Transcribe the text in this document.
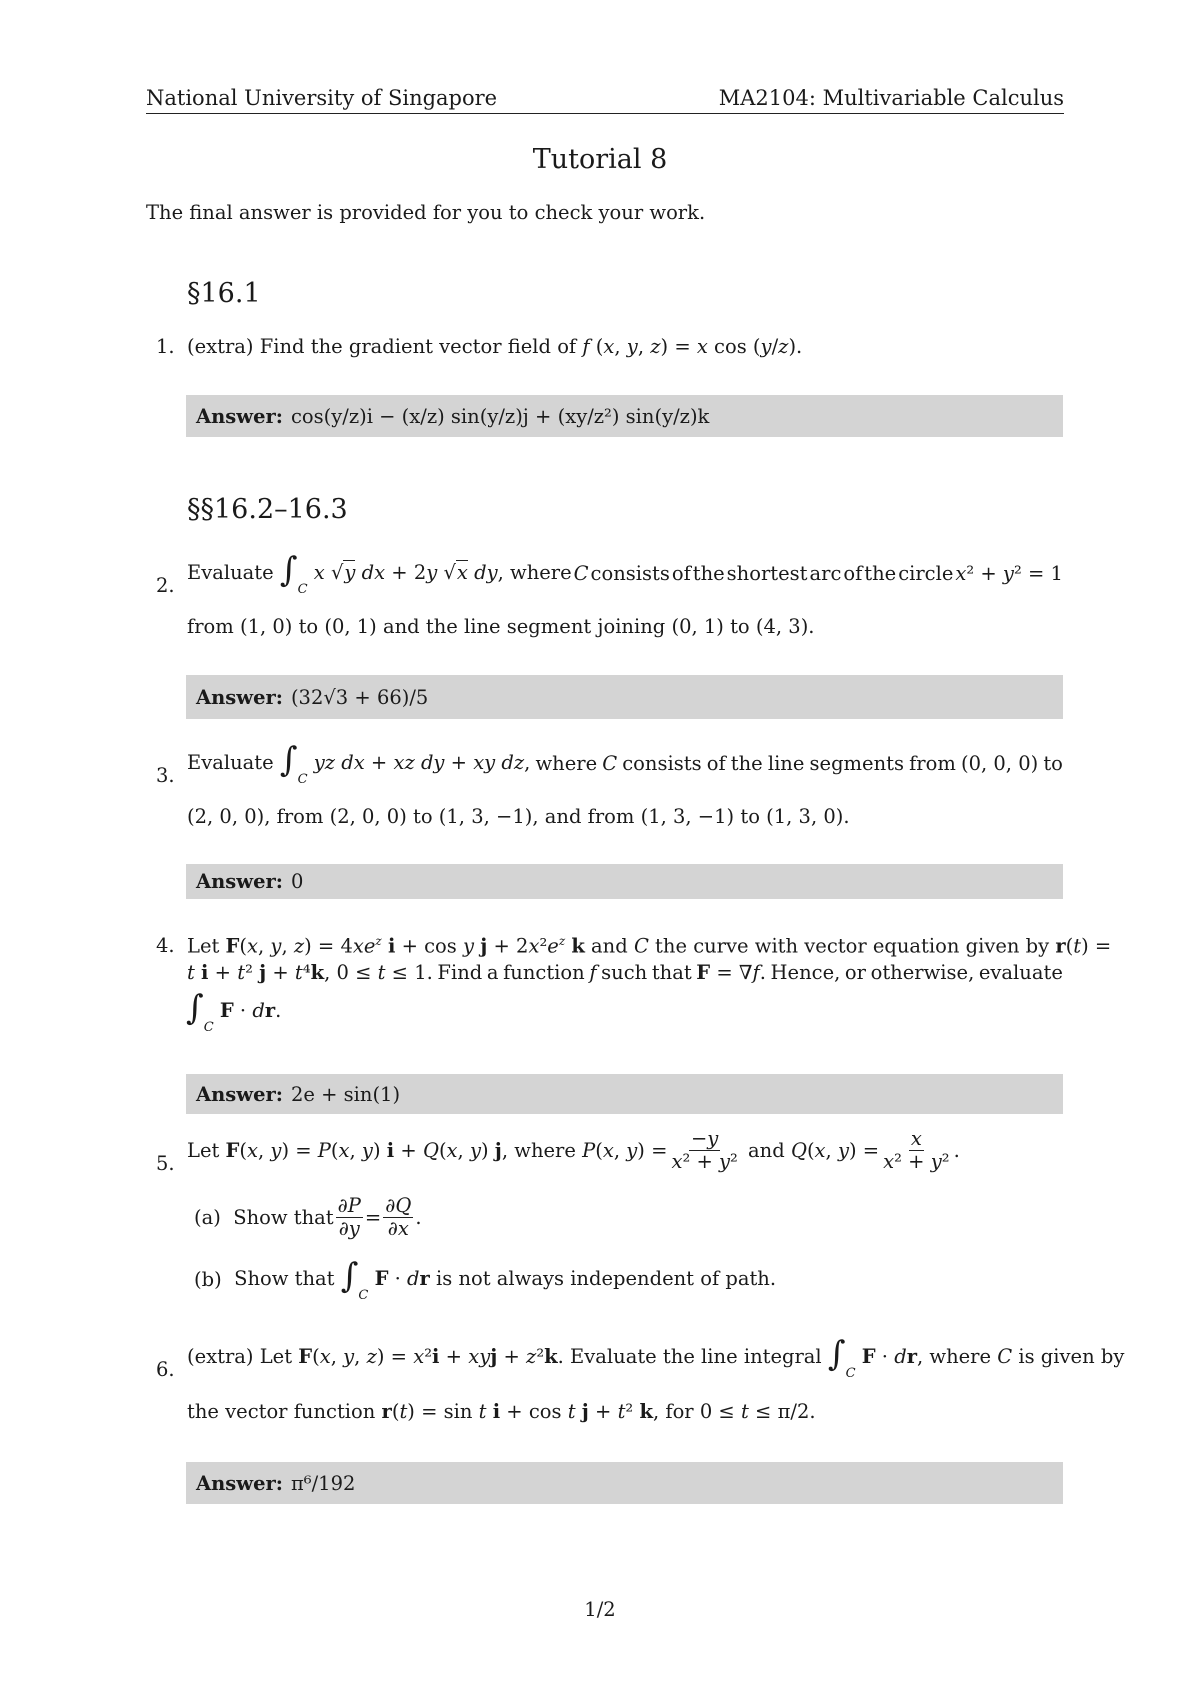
National University of Singapore	MA2104: Multivariable Calculus
Tutorial 8
The final answer is provided for you to check your work.
§16.1
1. (extra) Find the gradient vector field of f (x, y, z) = x cos (y/z).
Answer: cos(y/z)i − (x/z) sin(y/z)j + (xy/z²) sin(y/z)k
§§16.2–16.3
2.
Evaluate $\int_C$ x √y dx + 2y √x dy, where C consists of the shortest arc of the circle x² + y² = 1
from (1, 0) to (0, 1) and the line segment joining (0, 1) to (4, 3).
Answer: (32√3 + 66)/5
3.
Evaluate $\int_C$ yz dx + xz dy + xy dz, where C consists of the line segments from (0, 0, 0) to
(2, 0, 0), from (2, 0, 0) to (1, 3, −1), and from (1, 3, −1) to (1, 3, 0).
Answer: 0
4. Let F(x, y, $z) = 4xe^z$ i + cos y $j + 2x^2e^z$ k and C the curve with vector equation given by r(t) =
t i + t² j + t⁴k, 0 ≤ t ≤ 1. Find a function f such that F = ∇f. Hence, or otherwise, evaluate
$\int_C$ F · dr.
Answer: 2e + sin(1)
5.
Let F(x, y) = P(x, y) i + Q(x, y) j, where P(x, $y) = \frac{-y}{\text{x² + y²}}$ and Q(x, $y) = \frac{x}{\text{x² + y²}}$ .
(a) Show that $\frac{\partial P}{\partial y} = \frac{\partial Q}{\partial x}$ .
(b) Show that $\int_C$ F · dr is not always independent of path.
6.
(extra) Let F(x, y, z) = x²i + xyj + z²k. Evaluate the line integral $\int_C$ F · dr, where C is given by
the vector function r(t) = sin t i + cos t j + t² k, for 0 ≤ t ≤ π/2.
Answer: π⁶/192
1/2
